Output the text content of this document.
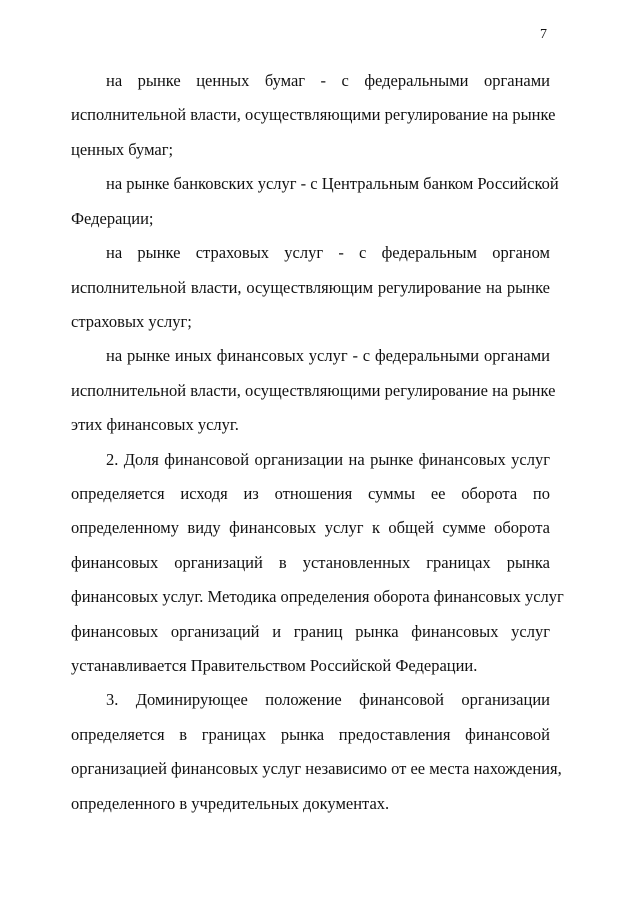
7
на рынке ценных бумаг - с федеральными органами
исполнительной власти, осуществляющими регулирование на рынке
ценных бумаг;
на рынке банковских услуг - с Центральным банком Российской
Федерации;
на рынке страховых услуг - с федеральным органом
исполнительной власти, осуществляющим регулирование на рынке
страховых услуг;
на рынке иных финансовых услуг - с федеральными органами
исполнительной власти, осуществляющими регулирование на рынке
этих финансовых услуг.
2. Доля финансовой организации на рынке финансовых услуг
определяется исходя из отношения суммы ее оборота по
определенному виду финансовых услуг к общей сумме оборота
финансовых организаций в установленных границах рынка
финансовых услуг. Методика определения оборота финансовых услуг
финансовых организаций и границ рынка финансовых услуг
устанавливается Правительством Российской Федерации.
3. Доминирующее положение финансовой организации
определяется в границах рынка предоставления финансовой
организацией финансовых услуг независимо от ее места нахождения,
определенного в учредительных документах.
